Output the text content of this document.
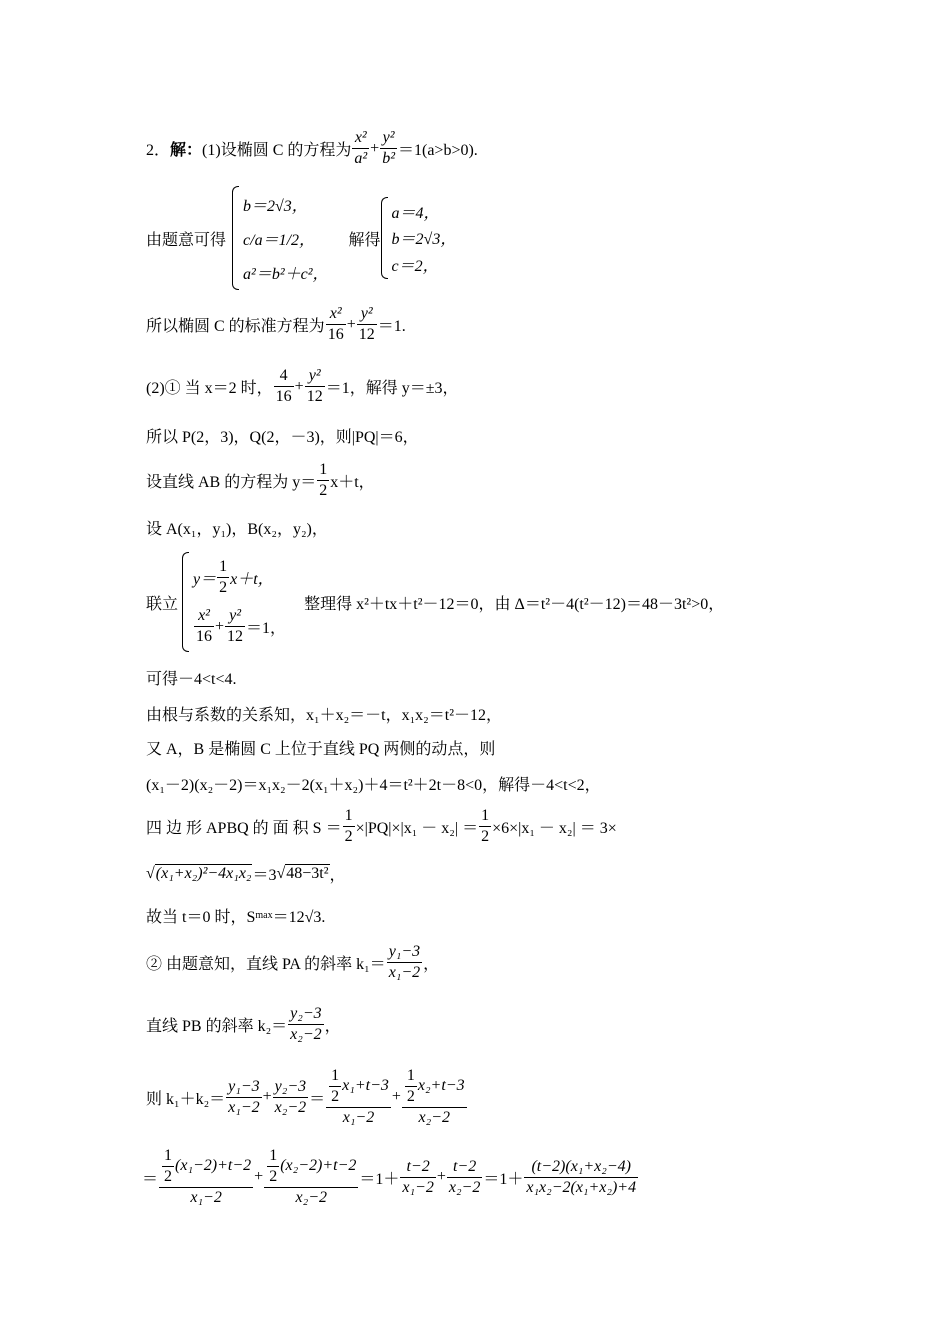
2． 解： (1)设椭圆 C 的方程为
x²
a²
+
y²
b² ＝1(a>b>0).
由题意可得
b＝2√3，
c/a＝1/2，
a²＝b²＋c²，
解得
a＝4，
b＝2√3，
c＝2，
所以椭圆 C 的标准方程为
x²
16
+
y²
12 ＝1.
(2)① 当 x＝2 时，
4
16
+
y²
12 ＝1，解得 y＝±3，
所以 P(2，3)，Q(2，－3)，则|PQ|＝6，
设直线 AB 的方程为 y＝
1
2 x＋t，
设 A(x₁，y₁)，B(x₂，y₂)，
联立
y＝
1
2 x＋t，
x²
16
+
y²
12 ＝1，
整理得 x²＋tx＋t²－12＝0，由 Δ＝t²－4(t²－12)＝48－3t²>0，
可得－4<t<4.
由根与系数的关系知，x₁＋x₂＝－t，x₁x₂＝t²－12，
又 A，B 是椭圆 C 上位于直线 PQ 两侧的动点，则
(x₁－2)(x₂－2)＝x₁x₂－2(x₁＋x₂)＋4＝t²＋2t－8<0，解得－4<t<2，
四 边 形 APBQ 的 面 积 S ＝
1
2 ×|PQ|×|x₁ － x₂| ＝
1
2 ×6×|x₁ － x₂| ＝ 3×
√ (x₁+x₂)²−4x₁x₂ ＝3 √ 48−3t² ，
故当 t＝0 时，S max ＝12√3.
② 由题意知，直线 PA 的斜率 k₁＝
y₁−3
x₁−2 ，
直线 PB 的斜率 k₂＝
y₂−3
x₂−2 ，
则 k₁＋k₂＝
y₁−3
x₁−2
+
y₂−3
$x_2-2 = \frac{1}{2} x_1+t-3$
x₁−2
+ $\frac{1}{2} x_2+t-3$
x₂−2
＝ $\frac{1}{2} (x_1-2)+t-2$
x₁−2
+ $\frac{1}{2} (x_2-2)+t-2$
x₂−2
＝1＋
t−2
x₁−2
+
t−2
x₂−2 ＝1＋
(t−2)(x₁+x₂−4)
x₁x₂−2(x₁+x₂)+4
